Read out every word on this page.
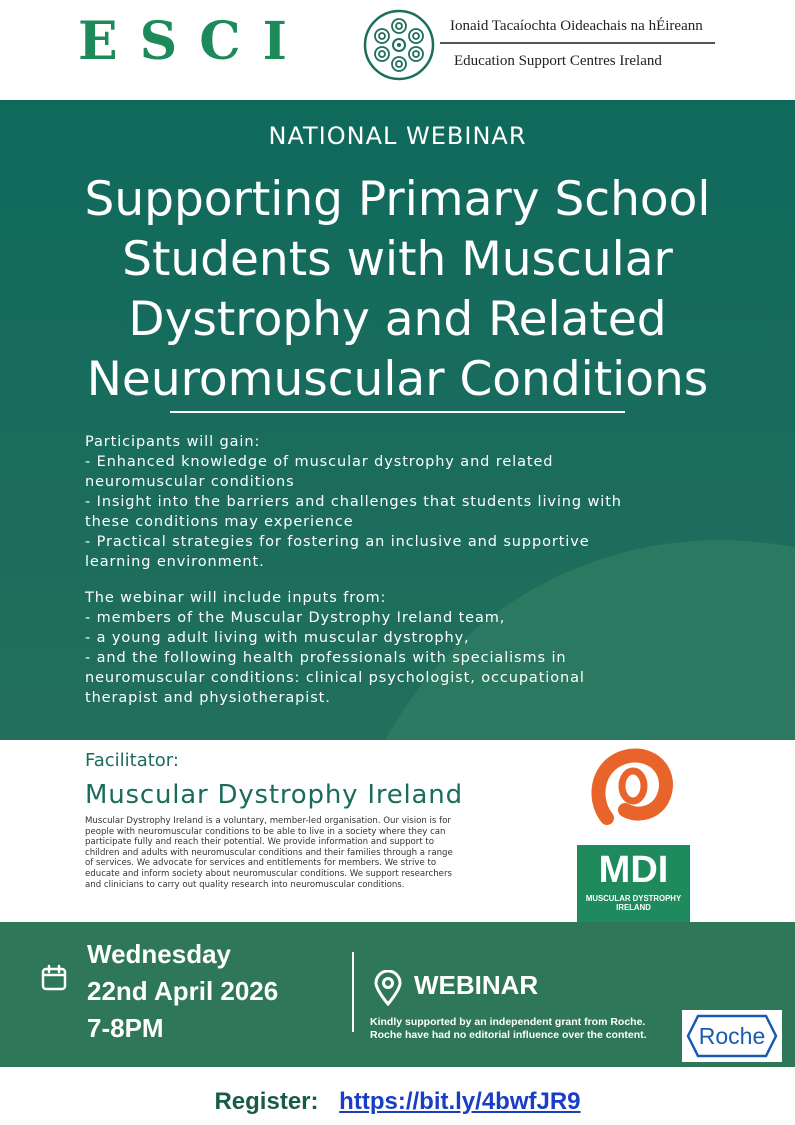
ESCI	Ionaid Tacaíochta Oideachais na hÉireann
Education Support Centres Ireland
NATIONAL WEBINAR
Supporting Primary School
Students with Muscular
Dystrophy and Related
Neuromuscular Conditions
Participants will gain:
- Enhanced knowledge of muscular dystrophy and related neuromuscular conditions
- Insight into the barriers and challenges that students living with these conditions may experience
- Practical strategies for fostering an inclusive and supportive learning environment.
The webinar will include inputs from:
- members of the Muscular Dystrophy Ireland team,
- a young adult living with muscular dystrophy,
- and the following health professionals with specialisms in neuromuscular conditions: clinical psychologist, occupational therapist and physiotherapist.
Facilitator:
Muscular Dystrophy Ireland
Muscular Dystrophy Ireland is a voluntary, member-led organisation. Our vision is for people with neuromuscular conditions to be able to live in a society where they can participate fully and reach their potential. We provide information and support to children and adults with neuromuscular conditions and their families through a range of services. We advocate for services and entitlements for members. We strive to educate and inform society about neuromuscular conditions. We support researchers and clinicians to carry out quality research into neuromuscular conditions.	MDI
MUSCULAR DYSTROPHY
IRELAND
Wednesday
22nd April 2026
7-8PM
WEBINAR
Kindly supported by an independent grant from Roche. Roche have had no editorial influence over the content.	Roche
Register: https://bit.ly/4bwfJR9
